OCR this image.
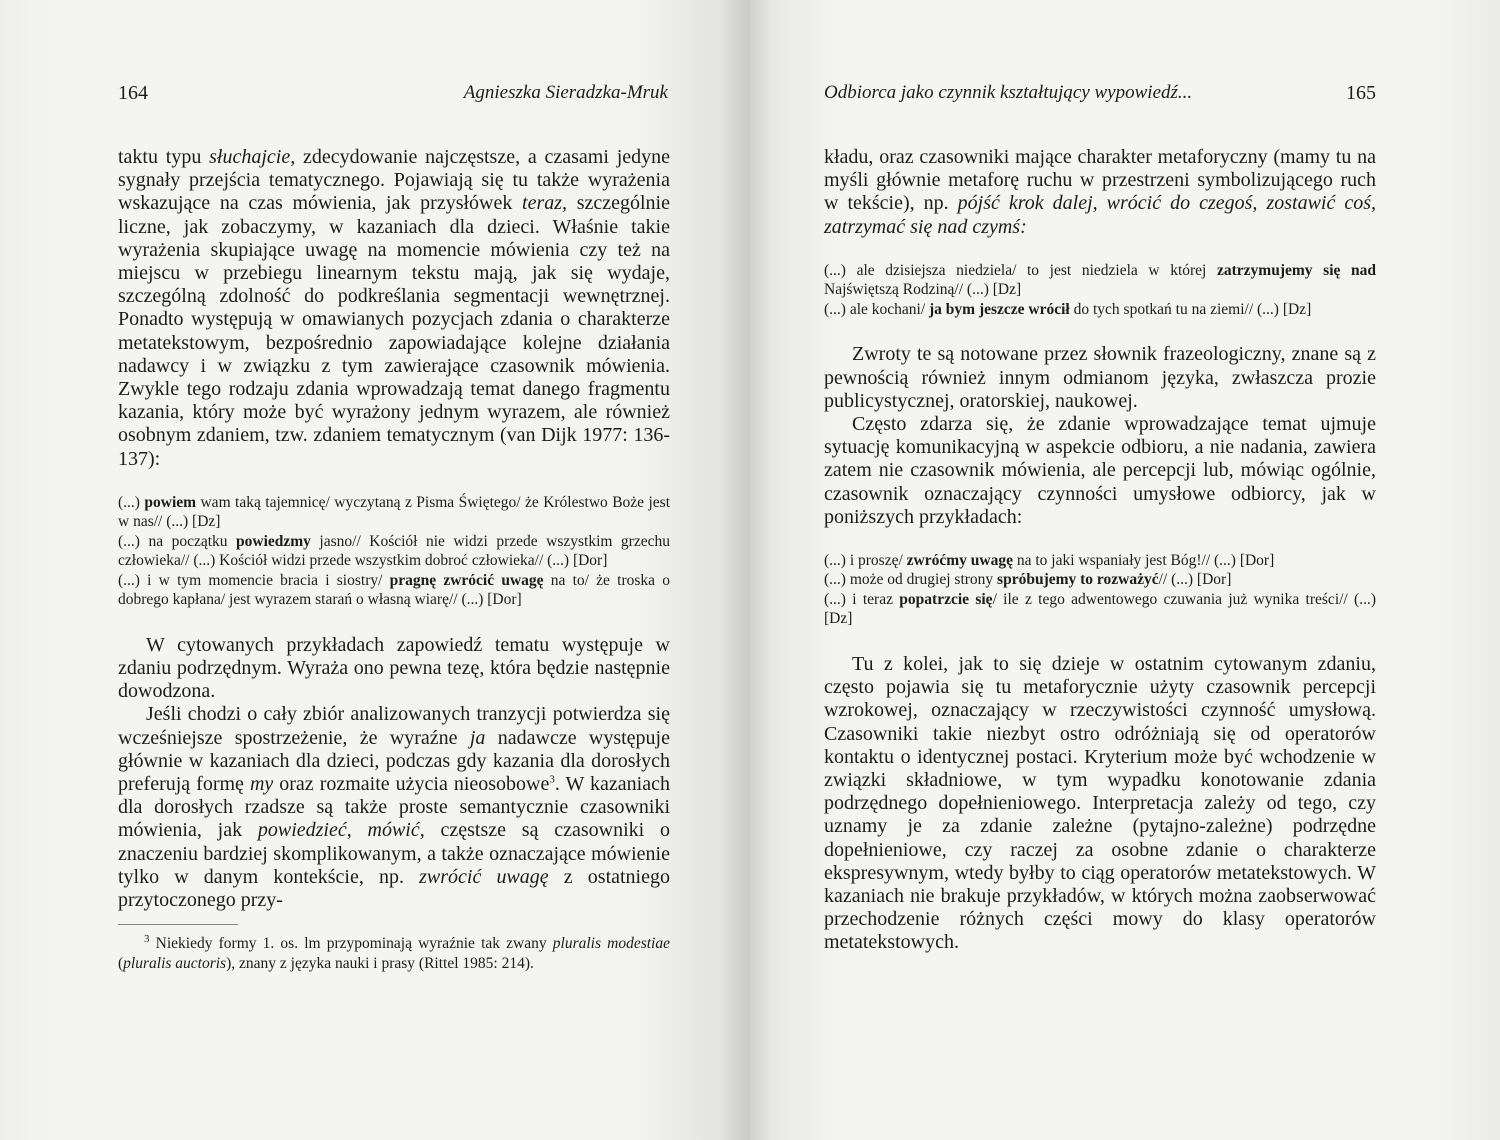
164	Agnieszka Sieradzka-Mruk

taktu typu słuchajcie, zdecydowanie najczęstsze, a czasami jedyne sygnały przejścia tematycznego. Pojawiają się tu także wyrażenia wskazujące na czas mówienia, jak przysłówek teraz, szczególnie liczne, jak zobaczymy, w kazaniach dla dzieci. Właśnie takie wyrażenia skupiające uwagę na momencie mówienia czy też na miejscu w przebiegu linearnym tekstu mają, jak się wydaje, szczególną zdolność do podkreślania segmentacji wewnętrznej. Ponadto występują w omawianych pozycjach zdania o charakterze metatekstowym, bezpośrednio zapowiadające kolejne działania nadawcy i w związku z tym zawierające czasownik mówienia. Zwykle tego rodzaju zdania wprowadzają temat danego fragmentu kazania, który może być wyrażony jednym wyrazem, ale również osobnym zdaniem, tzw. zdaniem tematycznym (van Dijk 1977: 136-137):

(...) powiem wam taką tajemnicę/ wyczytaną z Pisma Świętego/ że Królestwo Boże jest w nas// (...) [Dz]

(...) na początku powiedzmy jasno// Kościół nie widzi przede wszystkim grzechu człowieka// (...) Kościół widzi przede wszystkim dobroć człowieka// (...) [Dor]

(...) i w tym momencie bracia i siostry/ pragnę zwrócić uwagę na to/ że troska o dobrego kapłana/ jest wyrazem starań o własną wiarę// (...) [Dor]

W cytowanych przykładach zapowiedź tematu występuje w zdaniu podrzędnym. Wyraża ono pewna tezę, która będzie następnie dowodzona.

Jeśli chodzi o cały zbiór analizowanych tranzycji potwierdza się wcześniejsze spostrzeżenie, że wyraźne ja nadawcze występuje głównie w kazaniach dla dzieci, podczas gdy kazania dla dorosłych preferują formę my oraz rozmaite użycia nieosobowe$^3$. W kazaniach dla dorosłych rzadsze są także proste semantycznie czasowniki mówienia, jak powiedzieć, mówić, częstsze są czasowniki o znaczeniu bardziej skomplikowanym, a także oznaczające mówienie tylko w danym kontekście, np. zwrócić uwagę z ostatniego przytoczonego przy-

$^3$ Niekiedy formy 1. os. lm przypominają wyraźnie tak zwany pluralis modestiae (pluralis auctoris), znany z języka nauki i prasy (Rittel 1985: 214).
Odbiorca jako czynnik kształtujący wypowiedź...	165

kładu, oraz czasowniki mające charakter metaforyczny (mamy tu na myśli głównie metaforę ruchu w przestrzeni symbolizującego ruch w tekście), np. pójść krok dalej, wrócić do czegoś, zostawić coś, zatrzymać się nad czymś:

(...) ale dzisiejsza niedziela/ to jest niedziela w której zatrzymujemy się nad Najświętszą Rodziną// (...) [Dz]

(...) ale kochani/ ja bym jeszcze wrócił do tych spotkań tu na ziemi// (...) [Dz]

Zwroty te są notowane przez słownik frazeologiczny, znane są z pewnością również innym odmianom języka, zwłaszcza prozie publicystycznej, oratorskiej, naukowej.

Często zdarza się, że zdanie wprowadzające temat ujmuje sytuację komunikacyjną w aspekcie odbioru, a nie nadania, zawiera zatem nie czasownik mówienia, ale percepcji lub, mówiąc ogólnie, czasownik oznaczający czynności umysłowe odbiorcy, jak w poniższych przykładach:

(...) i proszę/ zwróćmy uwagę na to jaki wspaniały jest Bóg!// (...) [Dor]

(...) może od drugiej strony spróbujemy to rozważyć// (...) [Dor]

(...) i teraz popatrzcie się/ ile z tego adwentowego czuwania już wynika treści// (...) [Dz]

Tu z kolei, jak to się dzieje w ostatnim cytowanym zdaniu, często pojawia się tu metaforycznie użyty czasownik percepcji wzrokowej, oznaczający w rzeczywistości czynność umysłową. Czasowniki takie niezbyt ostro odróżniają się od operatorów kontaktu o identycznej postaci. Kryterium może być wchodzenie w związki składniowe, w tym wypadku konotowanie zdania podrzędnego dopełnieniowego. Interpretacja zależy od tego, czy uznamy je za zdanie zależne (pytajno-zależne) podrzędne dopełnieniowe, czy raczej za osobne zdanie o charakterze ekspresywnym, wtedy byłby to ciąg operatorów metatekstowych. W kazaniach nie brakuje przykładów, w których można zaobserwować przechodzenie różnych części mowy do klasy operatorów metatekstowych.
